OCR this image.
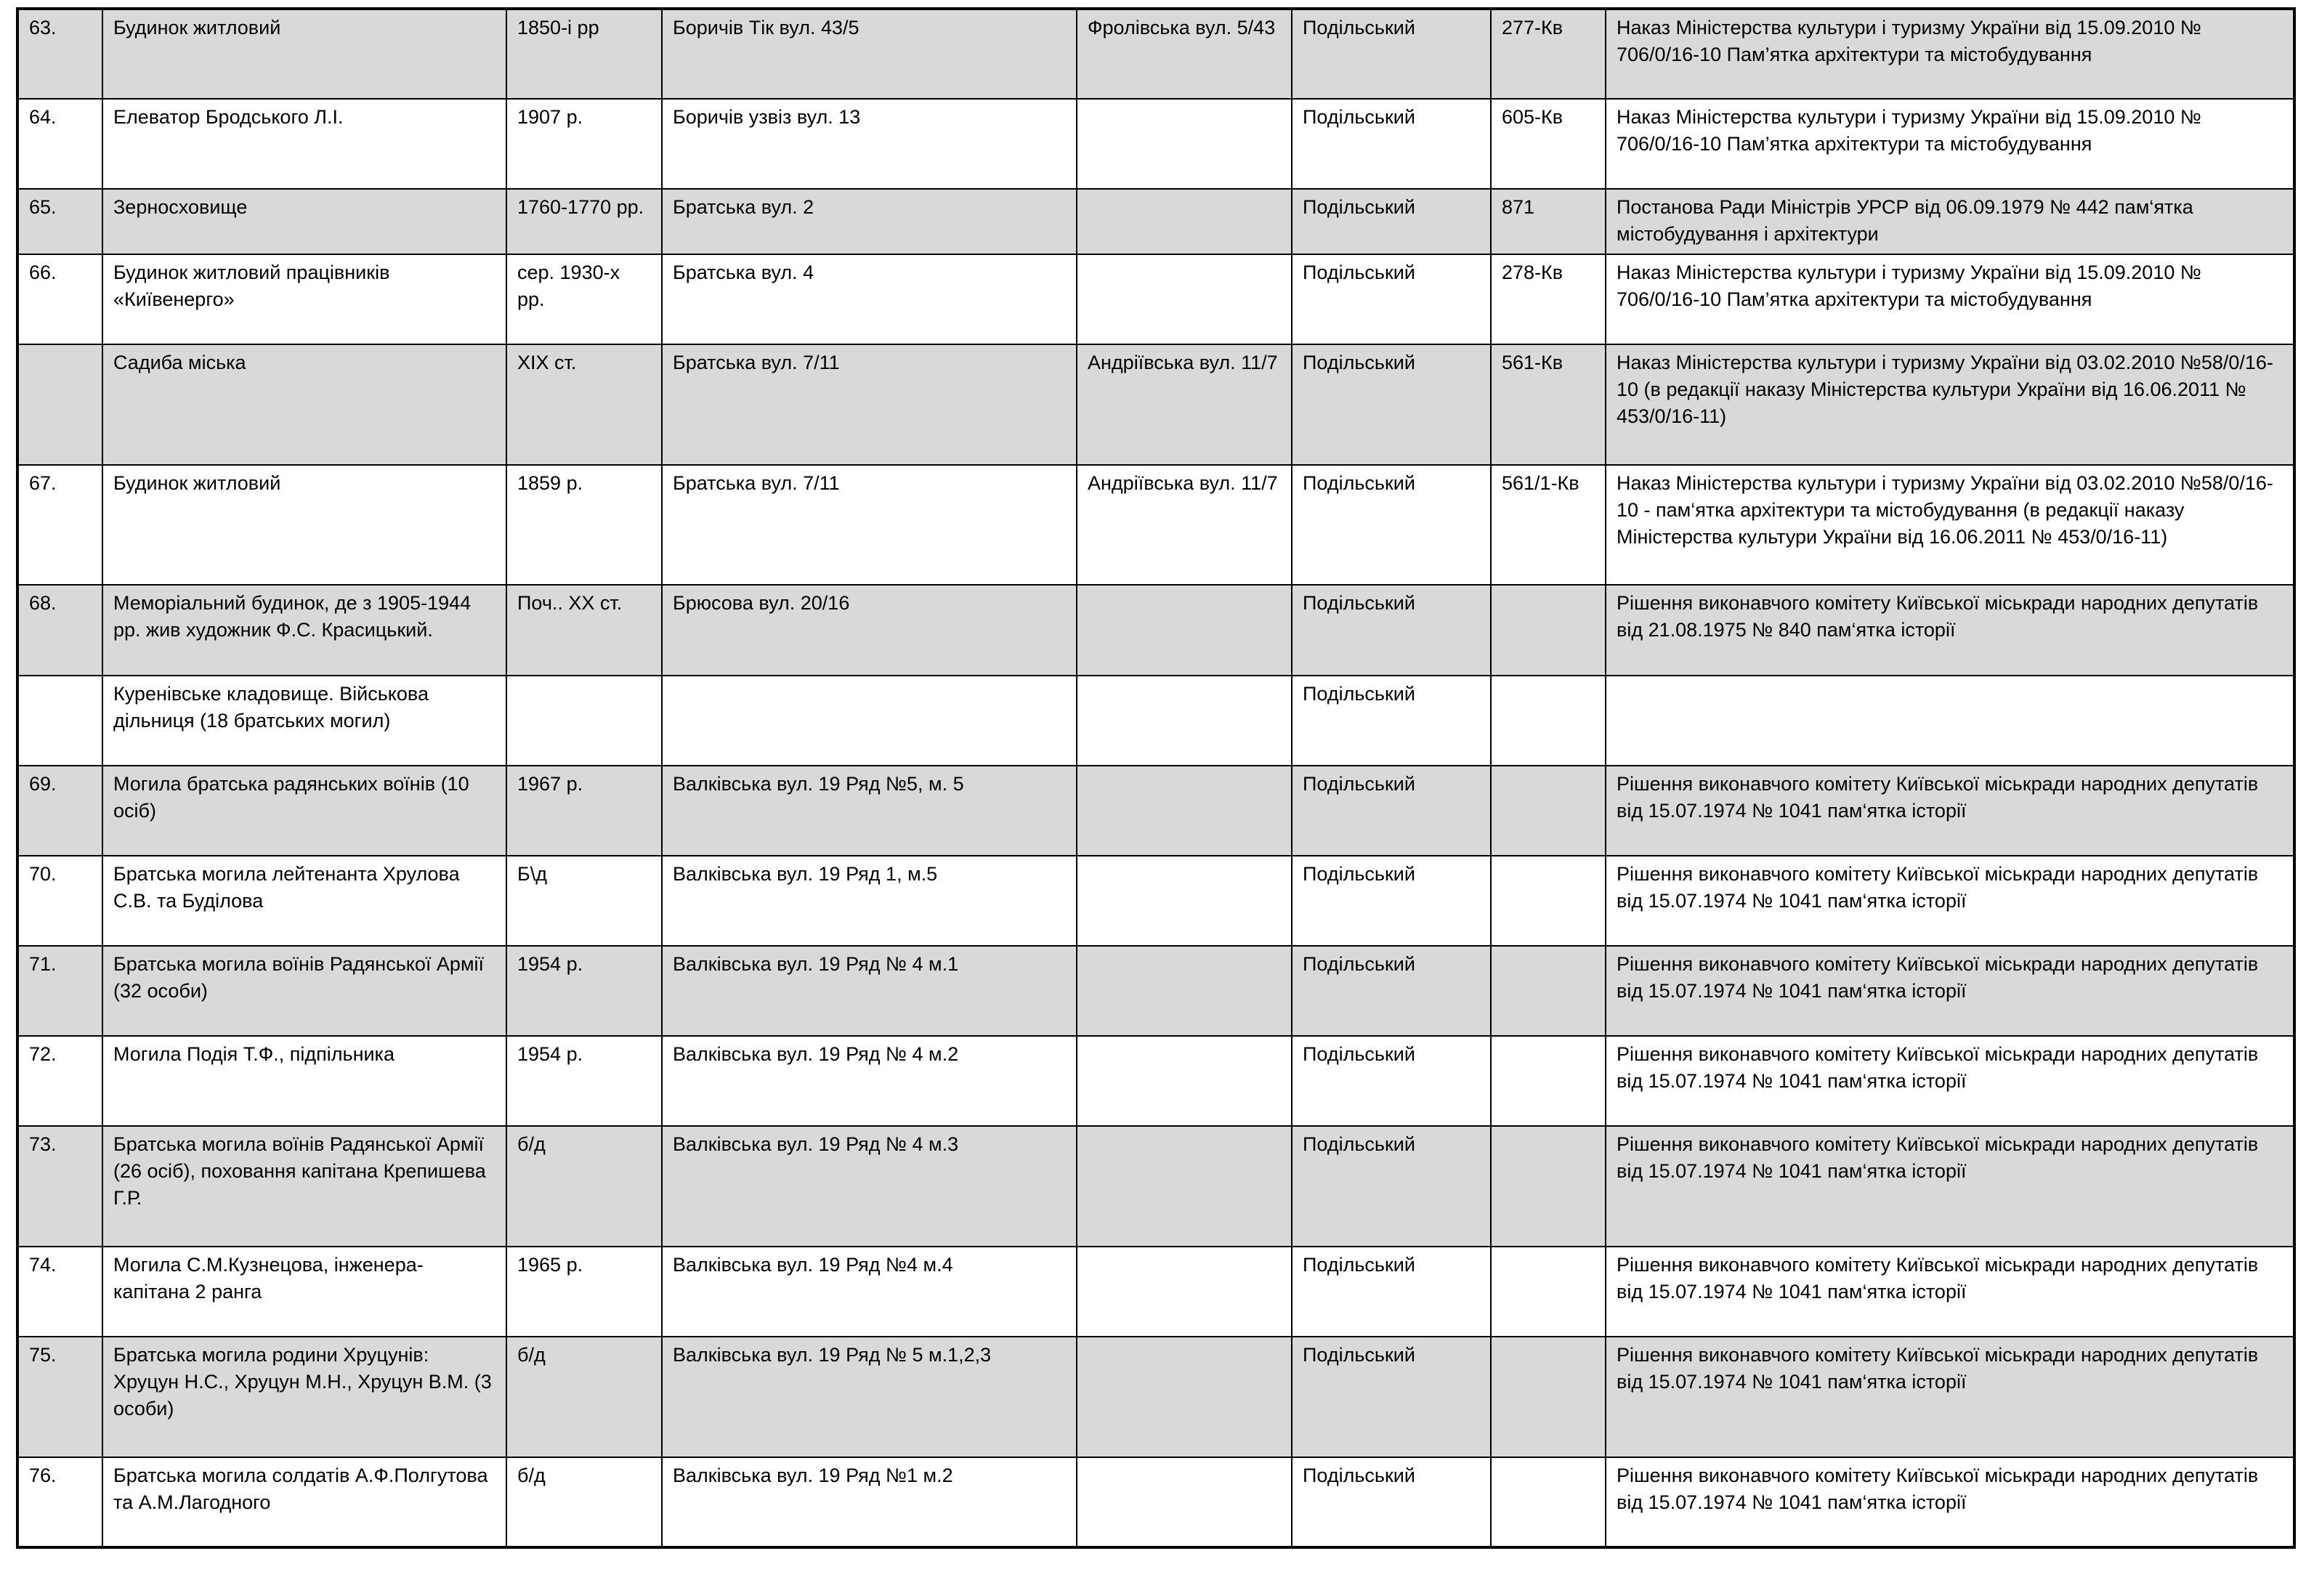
63.	Будинок житловий	1850-і рр	Боричів Тік вул. 43/5	Фролівська вул. 5/43	Подільський	277-Кв	Наказ Міністерства культури і туризму України від 15.09.2010 № 706/0/16-10 Пам’ятка архітектури та містобудування
64.	Елеватор Бродського Л.І.	1907 р.	Боричів узвіз вул. 13		Подільський	605-Кв	Наказ Міністерства культури і туризму України від 15.09.2010 № 706/0/16-10 Пам’ятка архітектури та містобудування
65.	Зерносховище	1760-1770 рр.	Братська вул. 2		Подільський	871	Постанова Ради Міністрів УРСР від 06.09.1979 № 442 пам‘ятка містобудування і архітектури
66.	Будинок житловий працівників «Київенерго»	сер. 1930-х рр.	Братська вул. 4		Подільський	278-Кв	Наказ Міністерства культури і туризму України від 15.09.2010 № 706/0/16-10 Пам’ятка архітектури та містобудування
	Садиба міська	XIX ст.	Братська вул. 7/11	Андріївська вул. 11/7	Подільський	561-Кв	Наказ Міністерства культури і туризму України від 03.02.2010 №58/0/16-10 (в редакції наказу Міністерства культури України від 16.06.2011 № 453/0/16-11)
67.	Будинок житловий	1859 р.	Братська вул. 7/11	Андріївська вул. 11/7	Подільський	561/1-Кв	Наказ Міністерства культури і туризму України від 03.02.2010 №58/0/16-10 - пам‘ятка архітектури та містобудування (в редакції наказу Міністерства культури України від 16.06.2011 № 453/0/16-11)
68.	Меморіальний будинок, де з 1905-1944 рр. жив художник Ф.С. Красицький.	Поч.. ХХ ст.	Брюсова вул. 20/16		Подільський		Рішення виконавчого комітету Київської міськради народних депутатів від 21.08.1975 № 840 пам‘ятка історії
	Куренівське кладовище. Військова дільниця (18 братських могил)				Подільський		
69.	Могила братська радянських воїнів (10 осіб)	1967 р.	Валківська вул. 19 Ряд №5, м. 5		Подільський		Рішення виконавчого комітету Київської міськради народних депутатів від 15.07.1974 № 1041 пам‘ятка історії
70.	Братська могила лейтенанта Хрулова С.В. та Буділова	Б\д	Валківська вул. 19 Ряд 1, м.5		Подільський		Рішення виконавчого комітету Київської міськради народних депутатів від 15.07.1974 № 1041 пам‘ятка історії
71.	Братська могила воїнів Радянської Армії (32 особи)	1954 р.	Валківська вул. 19 Ряд № 4 м.1		Подільський		Рішення виконавчого комітету Київської міськради народних депутатів від 15.07.1974 № 1041 пам‘ятка історії
72.	Могила Подія Т.Ф., підпільника	1954 р.	Валківська вул. 19 Ряд № 4 м.2		Подільський		Рішення виконавчого комітету Київської міськради народних депутатів від 15.07.1974 № 1041 пам‘ятка історії
73.	Братська могила воїнів Радянської Армії (26 осіб), поховання капітана Крепишева Г.Р.	б/д	Валківська вул. 19 Ряд № 4 м.3		Подільський		Рішення виконавчого комітету Київської міськради народних депутатів від 15.07.1974 № 1041 пам‘ятка історії
74.	Могила С.М.Кузнецова, інженера-капітана 2 ранга	1965 р.	Валківська вул. 19 Ряд №4 м.4		Подільський		Рішення виконавчого комітету Київської міськради народних депутатів від 15.07.1974 № 1041 пам‘ятка історії
75.	Братська могила родини Хруцунів: Хруцун Н.С., Хруцун М.Н., Хруцун В.М. (3 особи)	б/д	Валківська вул. 19 Ряд № 5 м.1,2,3		Подільський		Рішення виконавчого комітету Київської міськради народних депутатів від 15.07.1974 № 1041 пам‘ятка історії
76.	Братська могила солдатів А.Ф.Полгутова та А.М.Лагодного	б/д	Валківська вул. 19 Ряд №1 м.2		Подільський		Рішення виконавчого комітету Київської міськради народних депутатів від 15.07.1974 № 1041 пам‘ятка історії
